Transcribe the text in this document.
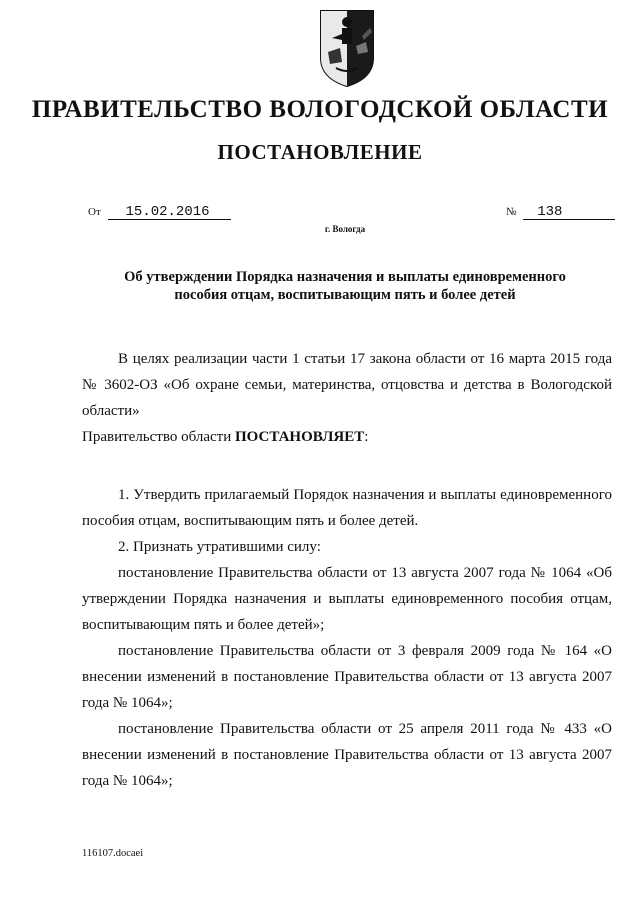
ПРАВИТЕЛЬСТВО ВОЛОГОДСКОЙ ОБЛАСТИ
ПОСТАНОВЛЕНИЕ
От 15.02.2016	№ 138
г. Вологда
Об утверждении Порядка назначения и выплаты единовременного
пособия отцам, воспитывающим пять и более детей

В целях реализации части 1 статьи 17 закона области от 16 марта 2015 года № 3602-ОЗ «Об охране семьи, материнства, отцовства и детства в Вологодской области»

Правительство области ПОСТАНОВЛЯЕТ:

1. Утвердить прилагаемый Порядок назначения и выплаты единовременного пособия отцам, воспитывающим пять и более детей.

2. Признать утратившими силу:

постановление Правительства области от 13 августа 2007 года № 1064 «Об утверждении Порядка назначения и выплаты единовременного пособия отцам, воспитывающим пять и более детей»;

постановление Правительства области от 3 февраля 2009 года № 164 «О внесении изменений в постановление Правительства области от 13 августа 2007 года № 1064»;

постановление Правительства области от 25 апреля 2011 года № 433 «О внесении изменений в постановление Правительства области от 13 августа 2007 года № 1064»;

116107.docaei
